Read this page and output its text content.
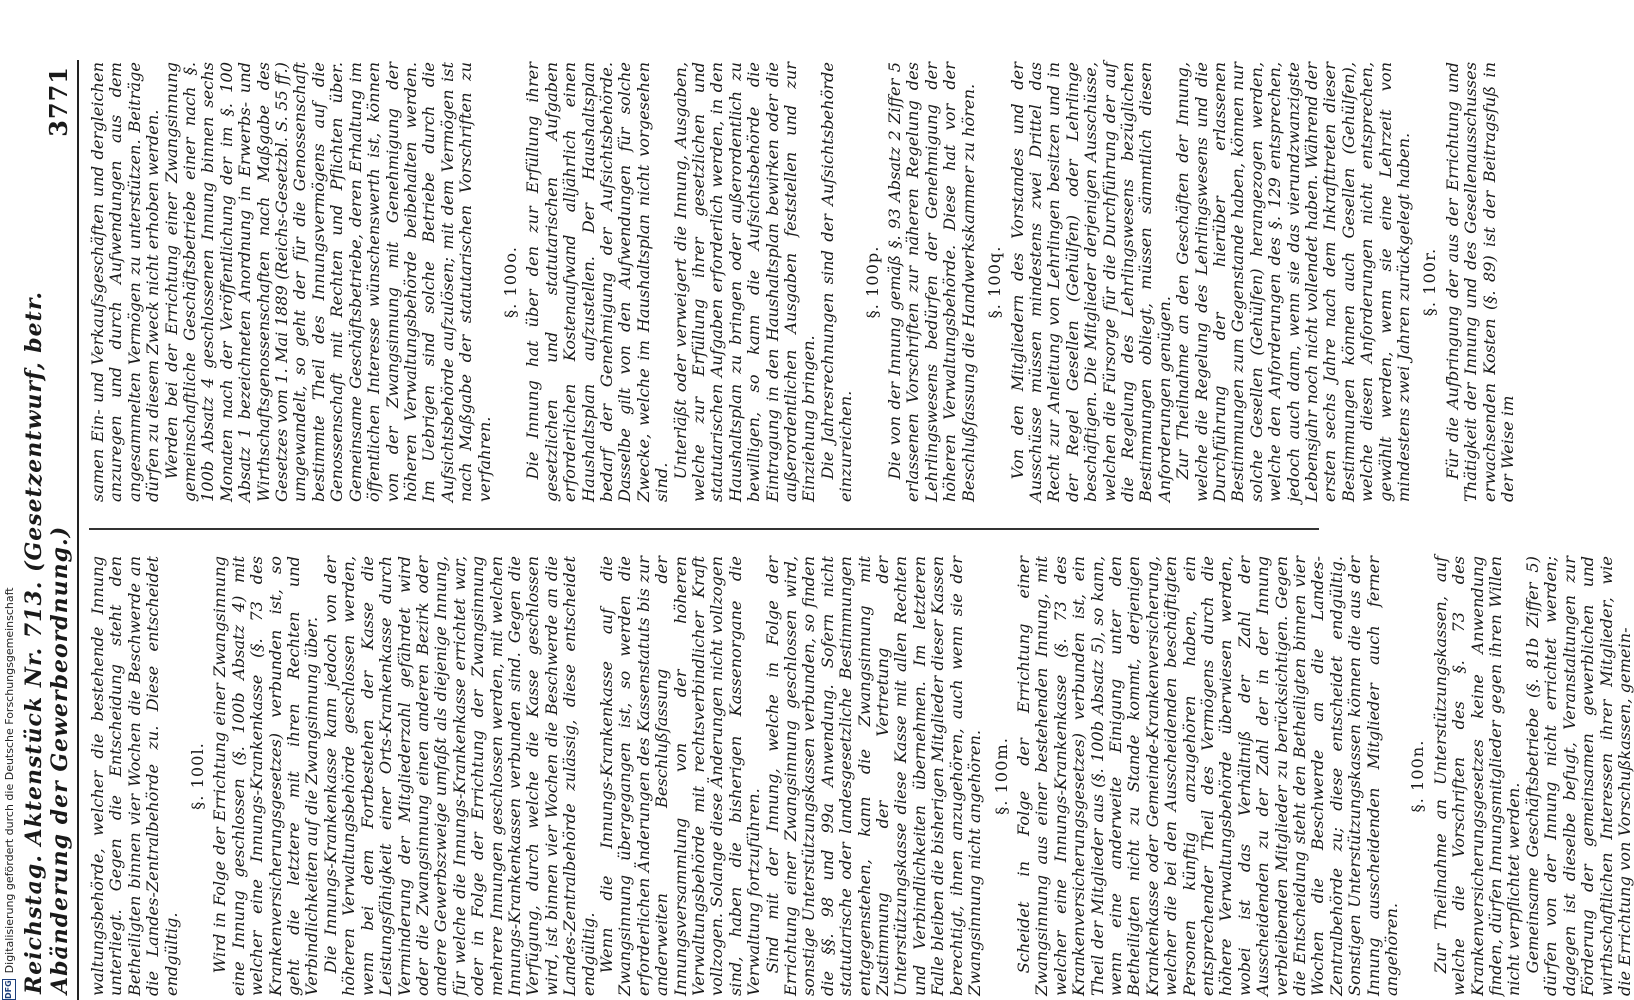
Reichstag. Aktenstück Nr. 713. (Gesetzentwurf, betr. Abänderung der Gewerbeordnung.)
3771

waltungsbehörde, welcher die bestehende Innung unterliegt. Gegen die Entscheidung steht den Betheiligten binnen vier Wochen die Beschwerde an die Landes-Zentralbehörde zu. Diese entscheidet endgültig.

§. 100l. Wird in Folge der Errichtung einer Zwangsinnung eine Innung geschlossen (§. 100b Absatz 4) mit welcher eine Innungs-Krankenkasse (§. 73 des Krankenversicherungsgesetzes) verbunden ist, so geht die letztere mit ihren Rechten und Verbindlichkeiten auf die Zwangsinnung über. Die Innungs-Krankenkasse kann jedoch von der höheren Verwaltungsbehörde geschlossen werden, wenn bei dem Fortbestehen der Kasse die Leistungsfähigkeit einer Orts-Krankenkasse durch Verminderung der Mitgliederzahl gefährdet wird oder die Zwangsinnung einen anderen Bezirk oder andere Gewerbszweige umfaßt als diejenige Innung, für welche die Innungs-Krankenkasse errichtet war, oder in Folge der Errichtung der Zwangsinnung mehrere Innungen geschlossen werden, mit welchen Innungs-Krankenkassen verbunden sind. Gegen die Verfügung, durch welche die Kasse geschlossen wird, ist binnen vier Wochen die Beschwerde an die Landes-Zentralbehörde zulässig, diese entscheidet endgültig. Wenn die Innungs-Krankenkasse auf die Zwangsinnung übergegangen ist, so werden die erforderlichen Änderungen des Kassenstatuts bis zur anderweiten Beschlußfassung der Innungsversammlung von der höheren Verwaltungsbehörde mit rechtsverbindlicher Kraft vollzogen. Solange diese Änderungen nicht vollzogen sind, haben die bisherigen Kassenorgane die Verwaltung fortzuführen. Sind mit der Innung, welche in Folge der Errichtung einer Zwangsinnung geschlossen wird, sonstige Unterstützungskassen verbunden, so finden die §§. 98 und 99a Anwendung. Sofern nicht statutarische oder landesgesetzliche Bestimmungen entgegenstehen, kann die Zwangsinnung mit Zustimmung der Vertretung der Unterstützungskasse diese Kasse mit allen Rechten und Verbindlichkeiten übernehmen. Im letzteren Falle bleiben die bisherigen Mitglieder dieser Kassen berechtigt, ihnen anzugehören, auch wenn sie der Zwangsinnung nicht angehören. §. 100m. Scheidet in Folge der Errichtung einer Zwangsinnung aus einer bestehenden Innung, mit welcher eine Innungs-Krankenkasse (§. 73 des Krankenversicherungsgesetzes) verbunden ist, ein Theil der Mitglieder aus (§. 100b Absatz 5), so kann, wenn eine anderweite Einigung unter den Betheiligten nicht zu Stande kommt, derjenigen Krankenkasse oder Gemeinde-Krankenversicherung, welcher die bei den Ausscheidenden beschäftigten Personen künftig anzugehören haben, ein entsprechender Theil des Vermögens durch die höhere Verwaltungsbehörde überwiesen werden, wobei ist das Verhältniß der Zahl der Ausscheidenden zu der Zahl der in der Innung verbleibenden Mitglieder zu berücksichtigen. Gegen die Entscheidung steht den Betheiligten binnen vier Wochen die Beschwerde an die Landes-Zentralbehörde zu; diese entscheidet endgültig. Sonstigen Unterstützungskassen können die aus der Innung ausscheidenden Mitglieder auch ferner angehören.

§. 100n. Zur Theilnahme an Unterstützungskassen, auf welche die Vorschriften des §. 73 des Krankenversicherungsgesetzes keine Anwendung finden, dürfen Innungsmitglieder gegen ihren Willen nicht verpflichtet werden. Gemeinsame Geschäftsbetriebe (§. 81b Ziffer 5) dürfen von der Innung nicht errichtet werden; dagegen ist dieselbe befugt, Veranstaltungen zur Förderung der gemeinsamen gewerblichen und wirthschaftlichen Interessen ihrer Mitglieder, wie die Errichtung von Vorschußkassen, gemein-

samen Ein- und Verkaufsgeschäften und dergleichen anzuregen und durch Aufwendungen aus dem angesammelten Vermögen zu unterstützen. Beiträge dürfen zu diesem Zweck nicht erhoben werden. Werden bei der Errichtung einer Zwangsinnung gemeinschaftliche Geschäftsbetriebe einer nach §. 100b Absatz 4 geschlossenen Innung binnen sechs Monaten nach der Veröffentlichung der im §. 100 Absatz 1 bezeichneten Anordnung in Erwerbs- und Wirthschaftsgenossenschaften nach Maßgabe des Gesetzes vom 1. Mai 1889 (Reichs-Gesetzbl. S. 55 ff.) umgewandelt, so geht der für die Genossenschaft bestimmte Theil des Innungsvermögens auf die Genossenschaft mit Rechten und Pflichten über. Gemeinsame Geschäftsbetriebe, deren Erhaltung im öffentlichen Interesse wünschenswerth ist, können von der Zwangsinnung mit Genehmigung der höheren Verwaltungsbehörde beibehalten werden. Im Uebrigen sind solche Betriebe durch die Aufsichtsbehörde aufzulösen; mit dem Vermögen ist nach Maßgabe der statutarischen Vorschriften zu verfahren.

§. 100o. Die Innung hat über den zur Erfüllung ihrer gesetzlichen und statutarischen Aufgaben erforderlichen Kostenaufwand alljährlich einen Haushaltsplan aufzustellen. Der Haushaltsplan bedarf der Genehmigung der Aufsichtsbehörde. Dasselbe gilt von den Aufwendungen für solche Zwecke, welche im Haushaltsplan nicht vorgesehen sind.

Unterläßt oder verweigert die Innung, Ausgaben, welche zur Erfüllung ihrer gesetzlichen und statutarischen Aufgaben erforderlich werden, in den Haushaltsplan zu bringen oder außerordentlich zu bewilligen, so kann die Aufsichtsbehörde die Eintragung in den Haushaltsplan bewirken oder die außerordentlichen Ausgaben feststellen und zur Einziehung bringen. Die Jahresrechnungen sind der Aufsichtsbehörde einzureichen.

§. 100p. Die von der Innung gemäß §. 93 Absatz 2 Ziffer 5 erlassenen Vorschriften zur näheren Regelung des Lehrlingswesens bedürfen der Genehmigung der höheren Verwaltungsbehörde. Diese hat vor der Beschlußfassung die Handwerkskammer zu hören. §. 100q. Von den Mitgliedern des Vorstandes und der Ausschüsse müssen mindestens zwei Drittel das Recht zur Anleitung von Lehrlingen besitzen und in der Regel Gesellen (Gehülfen) oder Lehrlinge beschäftigen. Die Mitglieder derjenigen Ausschüsse, welchen die Fürsorge für die Durchführung der auf die Regelung des Lehrlingswesens bezüglichen Bestimmungen obliegt, müssen sämmtlich diesen Anforderungen genügen. Zur Theilnahme an den Geschäften der Innung, welche die Regelung des Lehrlingswesens und die Durchführung der hierüber erlassenen Bestimmungen zum Gegenstande haben, können nur solche Gesellen (Gehülfen) herangezogen werden, welche den Anforderungen des §. 129 entsprechen, jedoch auch dann, wenn sie das vierundzwanzigste Lebensjahr noch nicht vollendet haben. Während der ersten sechs Jahre nach dem Inkrafttreten dieser Bestimmungen können auch Gesellen (Gehülfen), welche diesen Anforderungen nicht entsprechen, gewählt werden, wenn sie eine Lehrzeit von mindestens zwei Jahren zurückgelegt haben. §. 100r. Für die Aufbringung der aus der Errichtung und Thätigkeit der Innung und des Gesellenausschusses erwachsenden Kosten (§. 89) ist der Beitragsfuß in der Weise im

DFG
Digitalisierung gefördert durch die Deutsche Forschungsgemeinschaft
